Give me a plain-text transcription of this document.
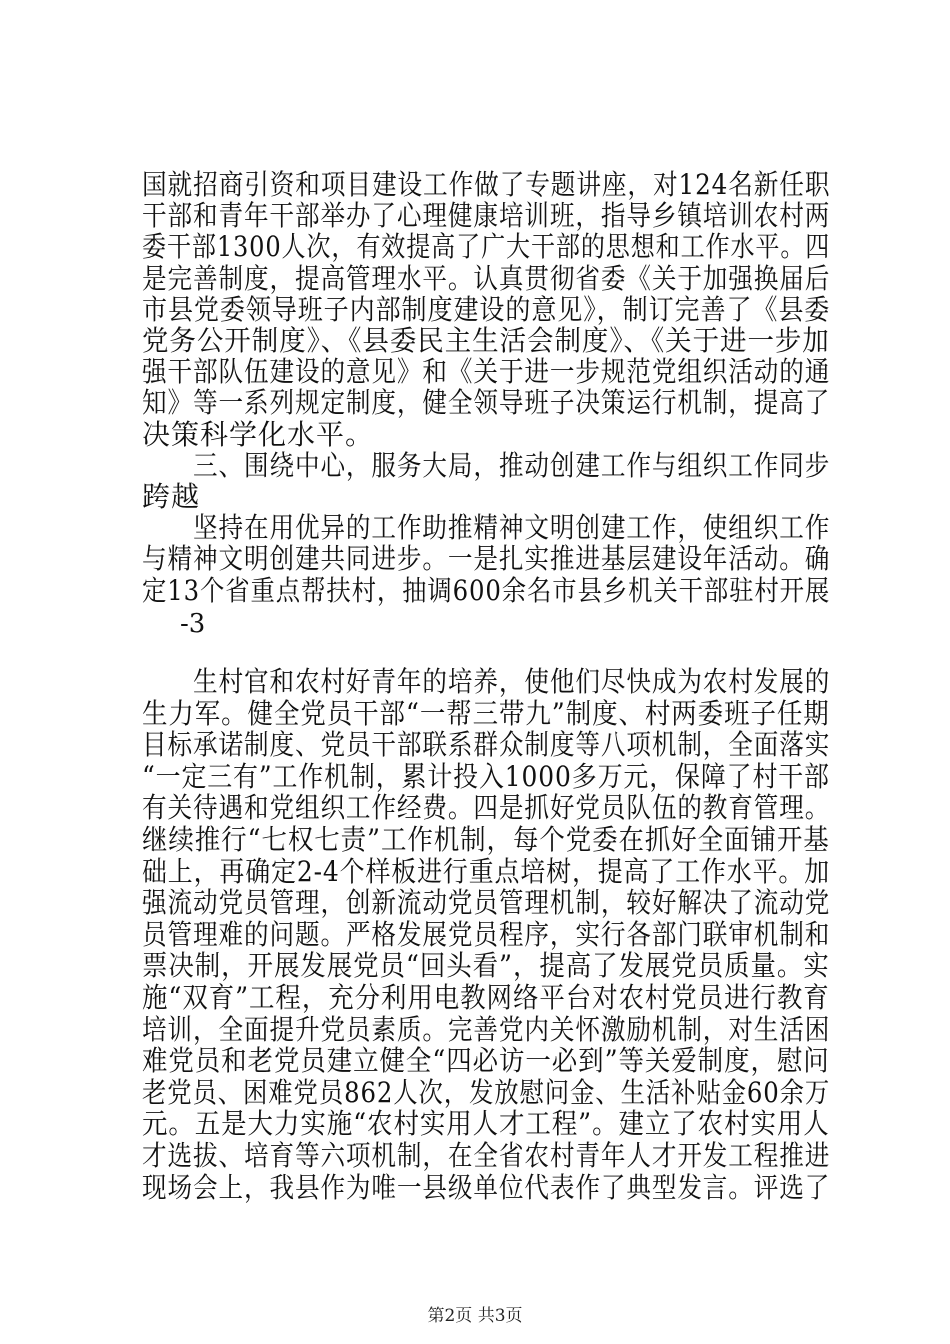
国就招商引资和项目建设工作做了专题讲座，对124名新任职
干部和青年干部举办了心理健康培训班，指导乡镇培训农村两
委干部1300人次，有效提高了广大干部的思想和工作水平。四
是完善制度，提高管理水平。认真贯彻省委《关于加强换届后
市县党委领导班子内部制度建设的意见》，制订完善了《县委
党务公开制度》、《县委民主生活会制度》、《关于进一步加
强干部队伍建设的意见》和《关于进一步规范党组织活动的通
知》等一系列规定制度，健全领导班子决策运行机制，提高了
决策科学化水平。
　　三、围绕中心，服务大局，推动创建工作与组织工作同步
跨越
　　坚持在用优异的工作助推精神文明创建工作，使组织工作
与精神文明创建共同进步。一是扎实推进基层建设年活动。确
定13个省重点帮扶村，抽调600余名市县乡机关干部驻村开展
-3
　　生村官和农村好青年的培养，使他们尽快成为农村发展的
生力军。健全党员干部“一帮三带九”制度、村两委班子任期
目标承诺制度、党员干部联系群众制度等八项机制，全面落实
“一定三有”工作机制，累计投入1000多万元，保障了村干部
有关待遇和党组织工作经费。四是抓好党员队伍的教育管理。
继续推行“七权七责”工作机制，每个党委在抓好全面铺开基
础上，再确定2-4个样板进行重点培树，提高了工作水平。加
强流动党员管理，创新流动党员管理机制，较好解决了流动党
员管理难的问题。严格发展党员程序，实行各部门联审机制和
票决制，开展发展党员“回头看”，提高了发展党员质量。实
施“双育”工程，充分利用电教网络平台对农村党员进行教育
培训，全面提升党员素质。完善党内关怀激励机制，对生活困
难党员和老党员建立健全“四必访一必到”等关爱制度，慰问
老党员、困难党员862人次，发放慰问金、生活补贴金60余万
元。五是大力实施“农村实用人才工程”。建立了农村实用人
才选拔、培育等六项机制，在全省农村青年人才开发工程推进
现场会上，我县作为唯一县级单位代表作了典型发言。评选了
第2页 共3页
